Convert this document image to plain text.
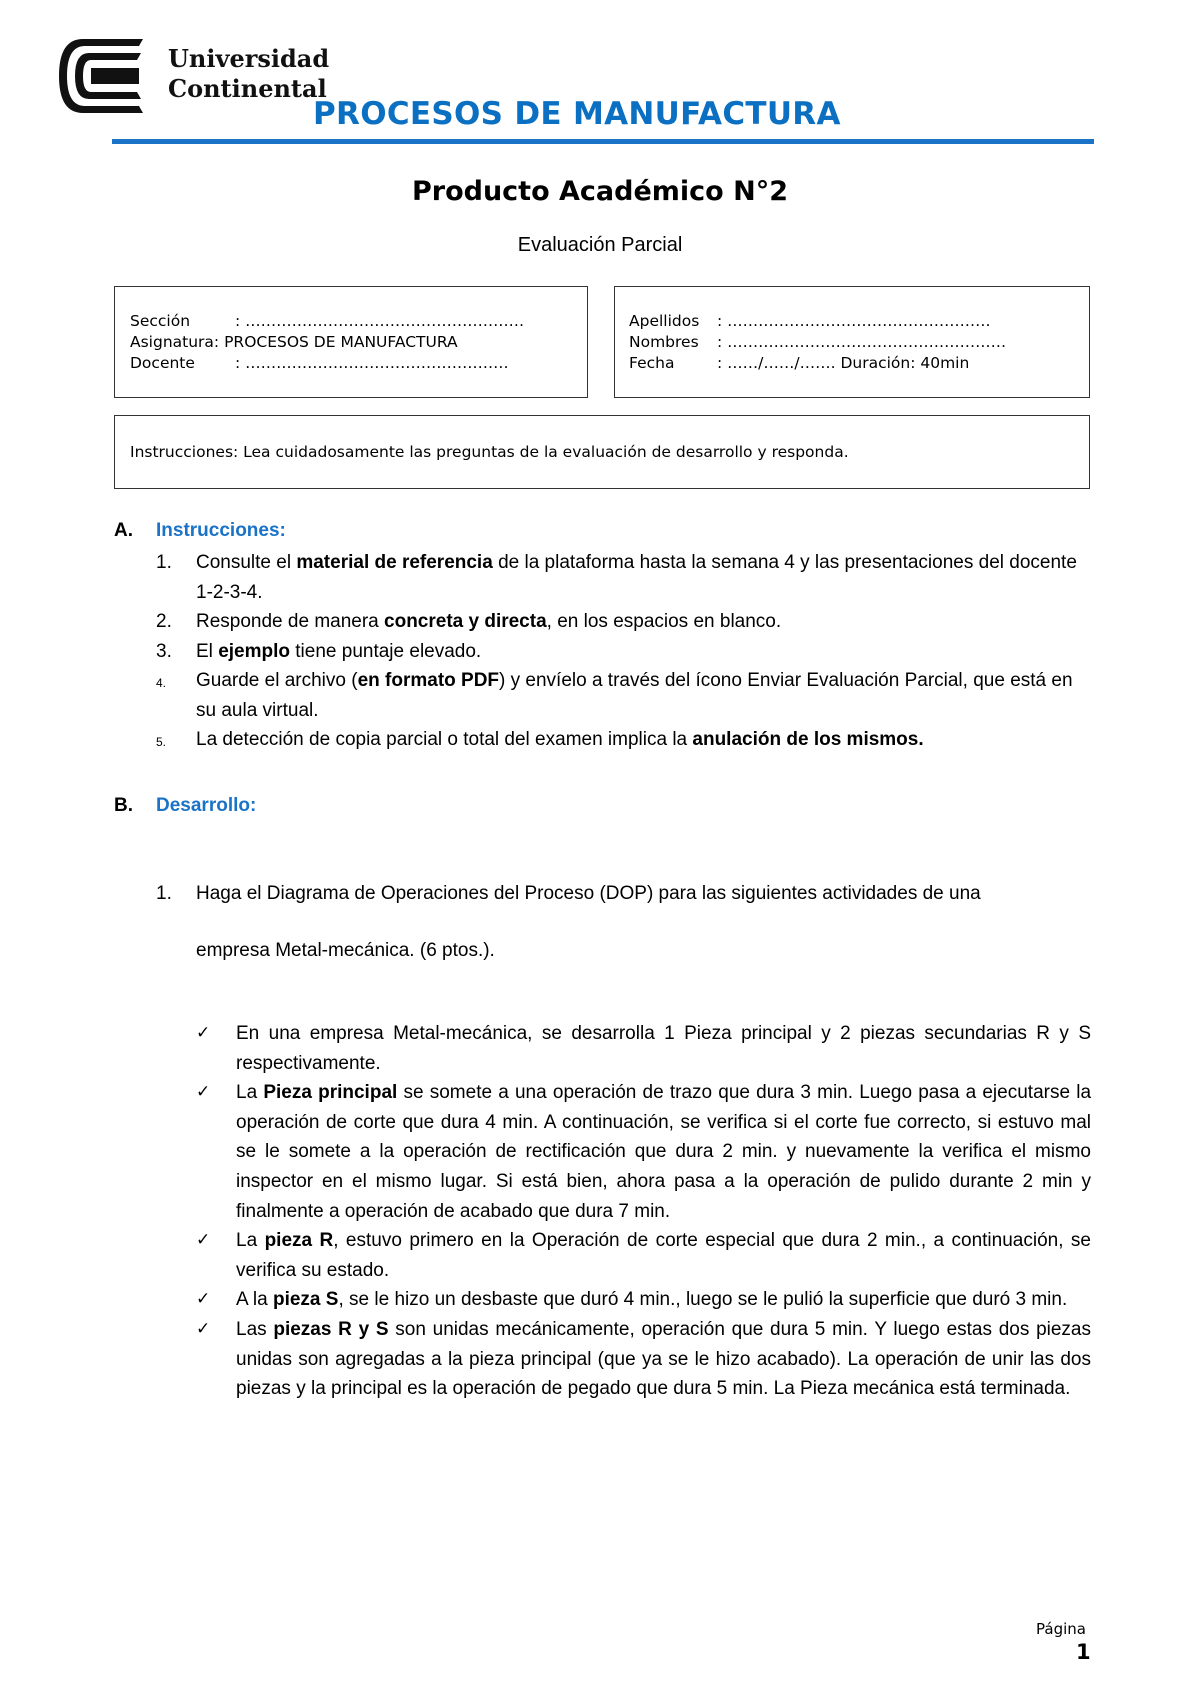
Universidad
Continental
PROCESOS DE MANUFACTURA
Producto Académico N°2
Evaluación Parcial
Sección	: ………………………………………………
Asignatura: PROCESOS DE MANUFACTURA
Docente	: ……………………………………………
Apellidos : ……………………………………………
Nombres : ………………………………………………
Fecha	: ……/……/……. Duración: 40min
Instrucciones: Lea cuidadosamente las preguntas de la evaluación de desarrollo y responda.
A. Instrucciones:
1. Consulte el material de referencia de la plataforma hasta la semana 4 y las presentaciones del docente 1-2-3-4.
2. Responde de manera concreta y directa, en los espacios en blanco.
3. El ejemplo tiene puntaje elevado.
4. Guarde el archivo (en formato PDF) y envíelo a través del ícono Enviar Evaluación Parcial, que está en su aula virtual.
5. La detección de copia parcial o total del examen implica la anulación de los mismos.
B. Desarrollo:
1. Haga el Diagrama de Operaciones del Proceso (DOP) para las siguientes actividades de una
empresa Metal-mecánica. (6 ptos.).
✓ En una empresa Metal-mecánica, se desarrolla 1 Pieza principal y 2 piezas secundarias R y S respectivamente.
✓ La Pieza principal se somete a una operación de trazo que dura 3 min. Luego pasa a ejecutarse la operación de corte que dura 4 min. A continuación, se verifica si el corte fue correcto, si estuvo mal se le somete a la operación de rectificación que dura 2 min. y nuevamente la verifica el mismo inspector en el mismo lugar. Si está bien, ahora pasa a la operación de pulido durante 2 min y finalmente a operación de acabado que dura 7 min.
✓ La pieza R, estuvo primero en la Operación de corte especial que dura 2 min., a continuación, se verifica su estado.
✓ A la pieza S, se le hizo un desbaste que duró 4 min., luego se le pulió la superficie que duró 3 min.
✓ Las piezas R y S son unidas mecánicamente, operación que dura 5 min. Y luego estas dos piezas unidas son agregadas a la pieza principal (que ya se le hizo acabado). La operación de unir las dos piezas y la principal es la operación de pegado que dura 5 min. La Pieza mecánica está terminada.
Página
1
